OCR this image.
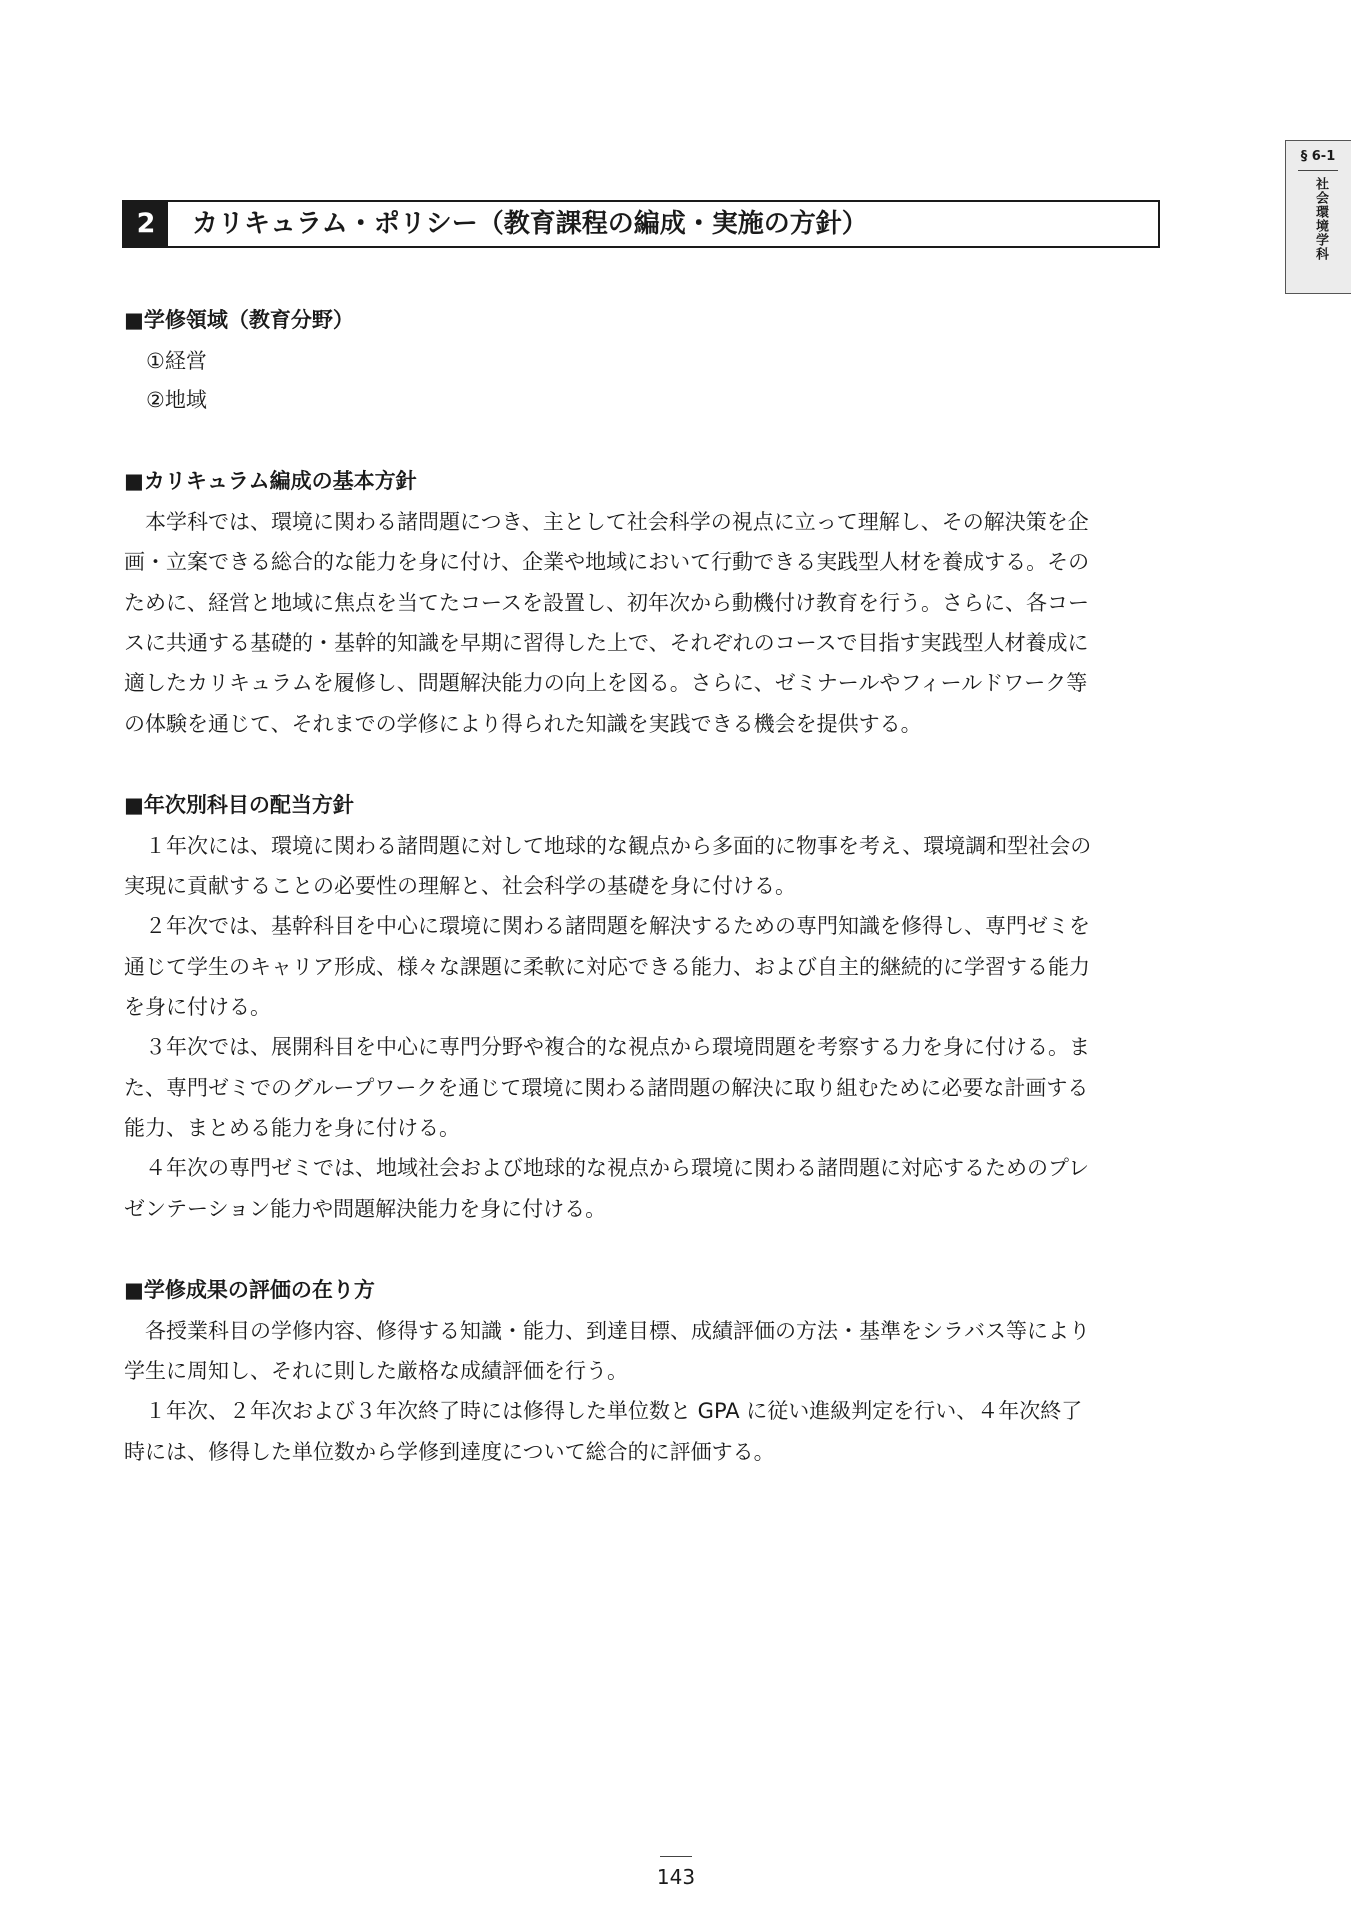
§ 6-1
社会環境学科
2	カリキュラム・ポリシー（教育課程の編成・実施の方針）
■学修領域（教育分野）
①経営
②地域
■カリキュラム編成の基本方針
本学科では、環境に関わる諸問題につき、主として社会科学の視点に立って理解し、その解決策を企
画・立案できる総合的な能力を身に付け、企業や地域において行動できる実践型人材を養成する。その
ために、経営と地域に焦点を当てたコースを設置し、初年次から動機付け教育を行う。さらに、各コー
スに共通する基礎的・基幹的知識を早期に習得した上で、それぞれのコースで目指す実践型人材養成に
適したカリキュラムを履修し、問題解決能力の向上を図る。さらに、ゼミナールやフィールドワーク等
の体験を通じて、それまでの学修により得られた知識を実践できる機会を提供する。
■年次別科目の配当方針
１年次には、環境に関わる諸問題に対して地球的な観点から多面的に物事を考え、環境調和型社会の
実現に貢献することの必要性の理解と、社会科学の基礎を身に付ける。
２年次では、基幹科目を中心に環境に関わる諸問題を解決するための専門知識を修得し、専門ゼミを
通じて学生のキャリア形成、様々な課題に柔軟に対応できる能力、および自主的継続的に学習する能力
を身に付ける。
３年次では、展開科目を中心に専門分野や複合的な視点から環境問題を考察する力を身に付ける。ま
た、専門ゼミでのグループワークを通じて環境に関わる諸問題の解決に取り組むために必要な計画する
能力、まとめる能力を身に付ける。
４年次の専門ゼミでは、地域社会および地球的な視点から環境に関わる諸問題に対応するためのプレ
ゼンテーション能力や問題解決能力を身に付ける。
■学修成果の評価の在り方
各授業科目の学修内容、修得する知識・能力、到達目標、成績評価の方法・基準をシラバス等により
学生に周知し、それに則した厳格な成績評価を行う。
１年次、２年次および３年次終了時には修得した単位数と GPA に従い進級判定を行い、４年次終了
時には、修得した単位数から学修到達度について総合的に評価する。
143
